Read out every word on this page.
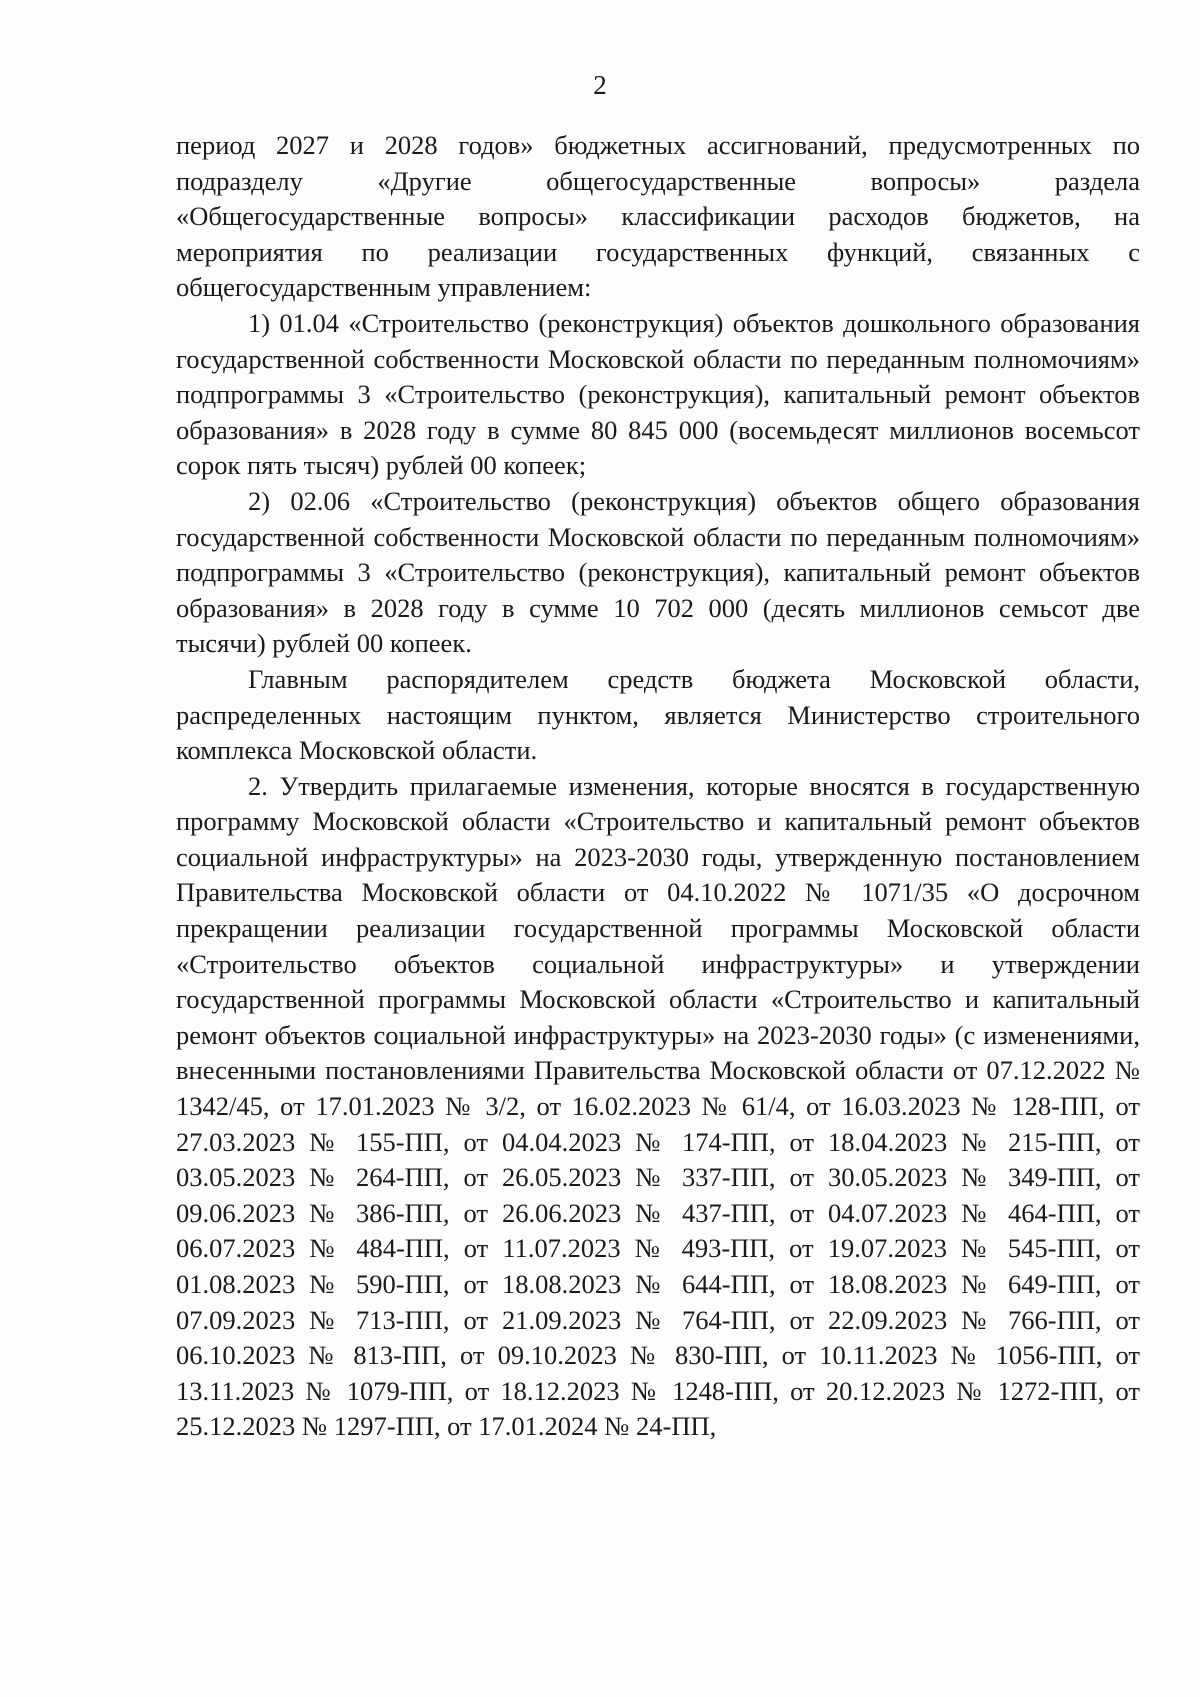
2

период 2027 и 2028 годов» бюджетных ассигнований, предусмотренных по подразделу «Другие общегосударственные вопросы» раздела «Общегосударственные вопросы» классификации расходов бюджетов, на мероприятия по реализации государственных функций, связанных с общегосударственным управлением:

1) 01.04 «Строительство (реконструкция) объектов дошкольного образования государственной собственности Московской области по переданным полномочиям» подпрограммы 3 «Строительство (реконструкция), капитальный ремонт объектов образования» в 2028 году в сумме 80 845 000 (восемьдесят миллионов восемьсот сорок пять тысяч) рублей 00 копеек;

2) 02.06 «Строительство (реконструкция) объектов общего образования государственной собственности Московской области по переданным полномочиям» подпрограммы 3 «Строительство (реконструкция), капитальный ремонт объектов образования» в 2028 году в сумме 10 702 000 (десять миллионов семьсот две тысячи) рублей 00 копеек.

Главным распорядителем средств бюджета Московской области, распределенных настоящим пунктом, является Министерство строительного комплекса Московской области.

2. Утвердить прилагаемые изменения, которые вносятся в государственную программу Московской области «Строительство и капитальный ремонт объектов социальной инфраструктуры» на 2023-2030 годы, утвержденную постановлением Правительства Московской области от 04.10.2022 № 1071/35 «О досрочном прекращении реализации государственной программы Московской области «Строительство объектов социальной инфраструктуры» и утверждении государственной программы Московской области «Строительство и капитальный ремонт объектов социальной инфраструктуры» на 2023-2030 годы» (с изменениями, внесенными постановлениями Правительства Московской области от 07.12.2022 № 1342/45, от 17.01.2023 № 3/2, от 16.02.2023 № 61/4, от 16.03.2023 № 128-ПП, от 27.03.2023 № 155-ПП, от 04.04.2023 № 174-ПП, от 18.04.2023 № 215-ПП, от 03.05.2023 № 264-ПП, от 26.05.2023 № 337-ПП, от 30.05.2023 № 349-ПП, от 09.06.2023 № 386-ПП, от 26.06.2023 № 437-ПП, от 04.07.2023 № 464-ПП, от 06.07.2023 № 484-ПП, от 11.07.2023 № 493-ПП, от 19.07.2023 № 545-ПП, от 01.08.2023 № 590-ПП, от 18.08.2023 № 644-ПП, от 18.08.2023 № 649-ПП, от 07.09.2023 № 713-ПП, от 21.09.2023 № 764-ПП, от 22.09.2023 № 766-ПП, от 06.10.2023 № 813-ПП, от 09.10.2023 № 830-ПП, от 10.11.2023 № 1056-ПП, от 13.11.2023 № 1079-ПП, от 18.12.2023 № 1248-ПП, от 20.12.2023 № 1272-ПП, от 25.12.2023 № 1297-ПП, от 17.01.2024 № 24-ПП,
